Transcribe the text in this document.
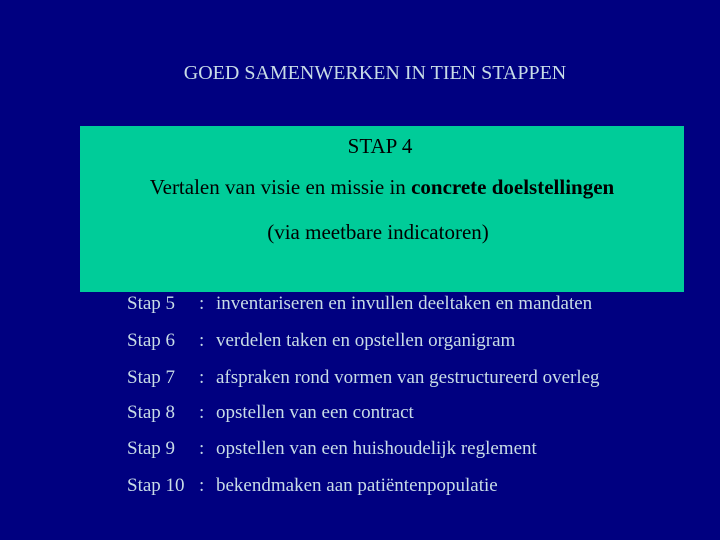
GOED SAMENWERKEN IN TIEN STAPPEN
STAP 4
Vertalen van visie en missie in concrete doelstellingen
(via meetbare indicatoren)
Stap 5	: inventariseren en invullen deeltaken en mandaten
Stap 6	: verdelen taken en opstellen organigram
Stap 7	: afspraken rond vormen van gestructureerd overleg
Stap 8	: opstellen van een contract
Stap 9	: opstellen van een huishoudelijk reglement
Stap 10 : bekendmaken aan patiëntenpopulatie
